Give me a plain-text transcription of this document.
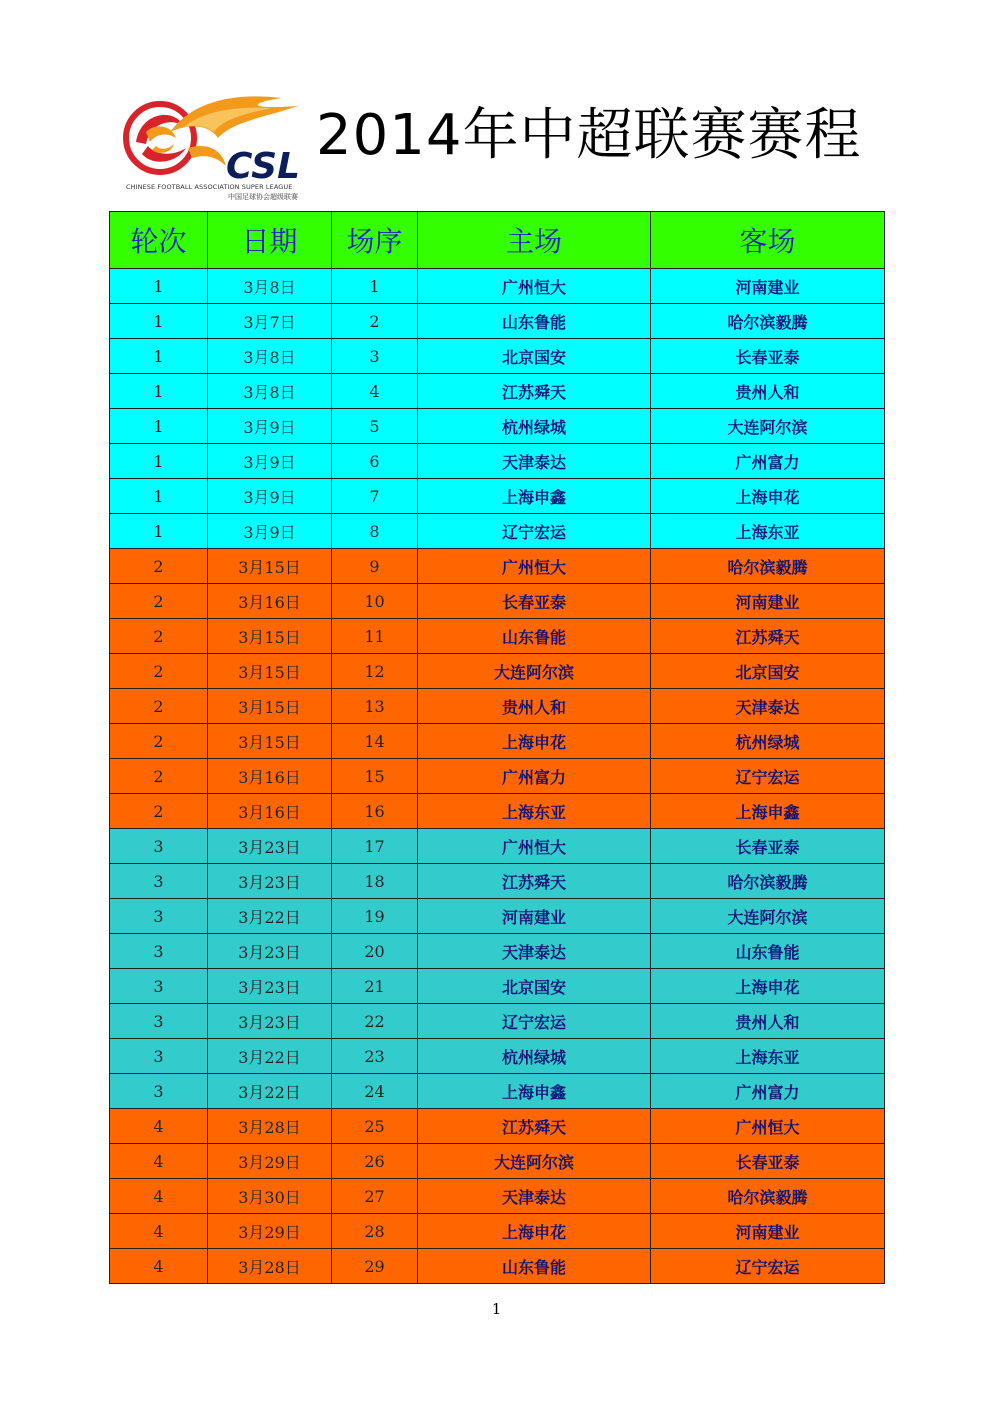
CSL
CHINESE FOOTBALL ASSOCIATION SUPER LEAGUE
中国足球协会超级联赛
2014年中超联赛赛程
轮次	日期	场序	主场	客场
1	3月8日	1	广州恒大	河南建业
1	3月7日	2	山东鲁能	哈尔滨毅腾
1	3月8日	3	北京国安	长春亚泰
1	3月8日	4	江苏舜天	贵州人和
1	3月9日	5	杭州绿城	大连阿尔滨
1	3月9日	6	天津泰达	广州富力
1	3月9日	7	上海申鑫	上海申花
1	3月9日	8	辽宁宏运	上海东亚
2	3月15日	9	广州恒大	哈尔滨毅腾
2	3月16日	10	长春亚泰	河南建业
2	3月15日	11	山东鲁能	江苏舜天
2	3月15日	12	大连阿尔滨	北京国安
2	3月15日	13	贵州人和	天津泰达
2	3月15日	14	上海申花	杭州绿城
2	3月16日	15	广州富力	辽宁宏运
2	3月16日	16	上海东亚	上海申鑫
3	3月23日	17	广州恒大	长春亚泰
3	3月23日	18	江苏舜天	哈尔滨毅腾
3	3月22日	19	河南建业	大连阿尔滨
3	3月23日	20	天津泰达	山东鲁能
3	3月23日	21	北京国安	上海申花
3	3月23日	22	辽宁宏运	贵州人和
3	3月22日	23	杭州绿城	上海东亚
3	3月22日	24	上海申鑫	广州富力
4	3月28日	25	江苏舜天	广州恒大
4	3月29日	26	大连阿尔滨	长春亚泰
4	3月30日	27	天津泰达	哈尔滨毅腾
4	3月29日	28	上海申花	河南建业
4	3月28日	29	山东鲁能	辽宁宏运
1
